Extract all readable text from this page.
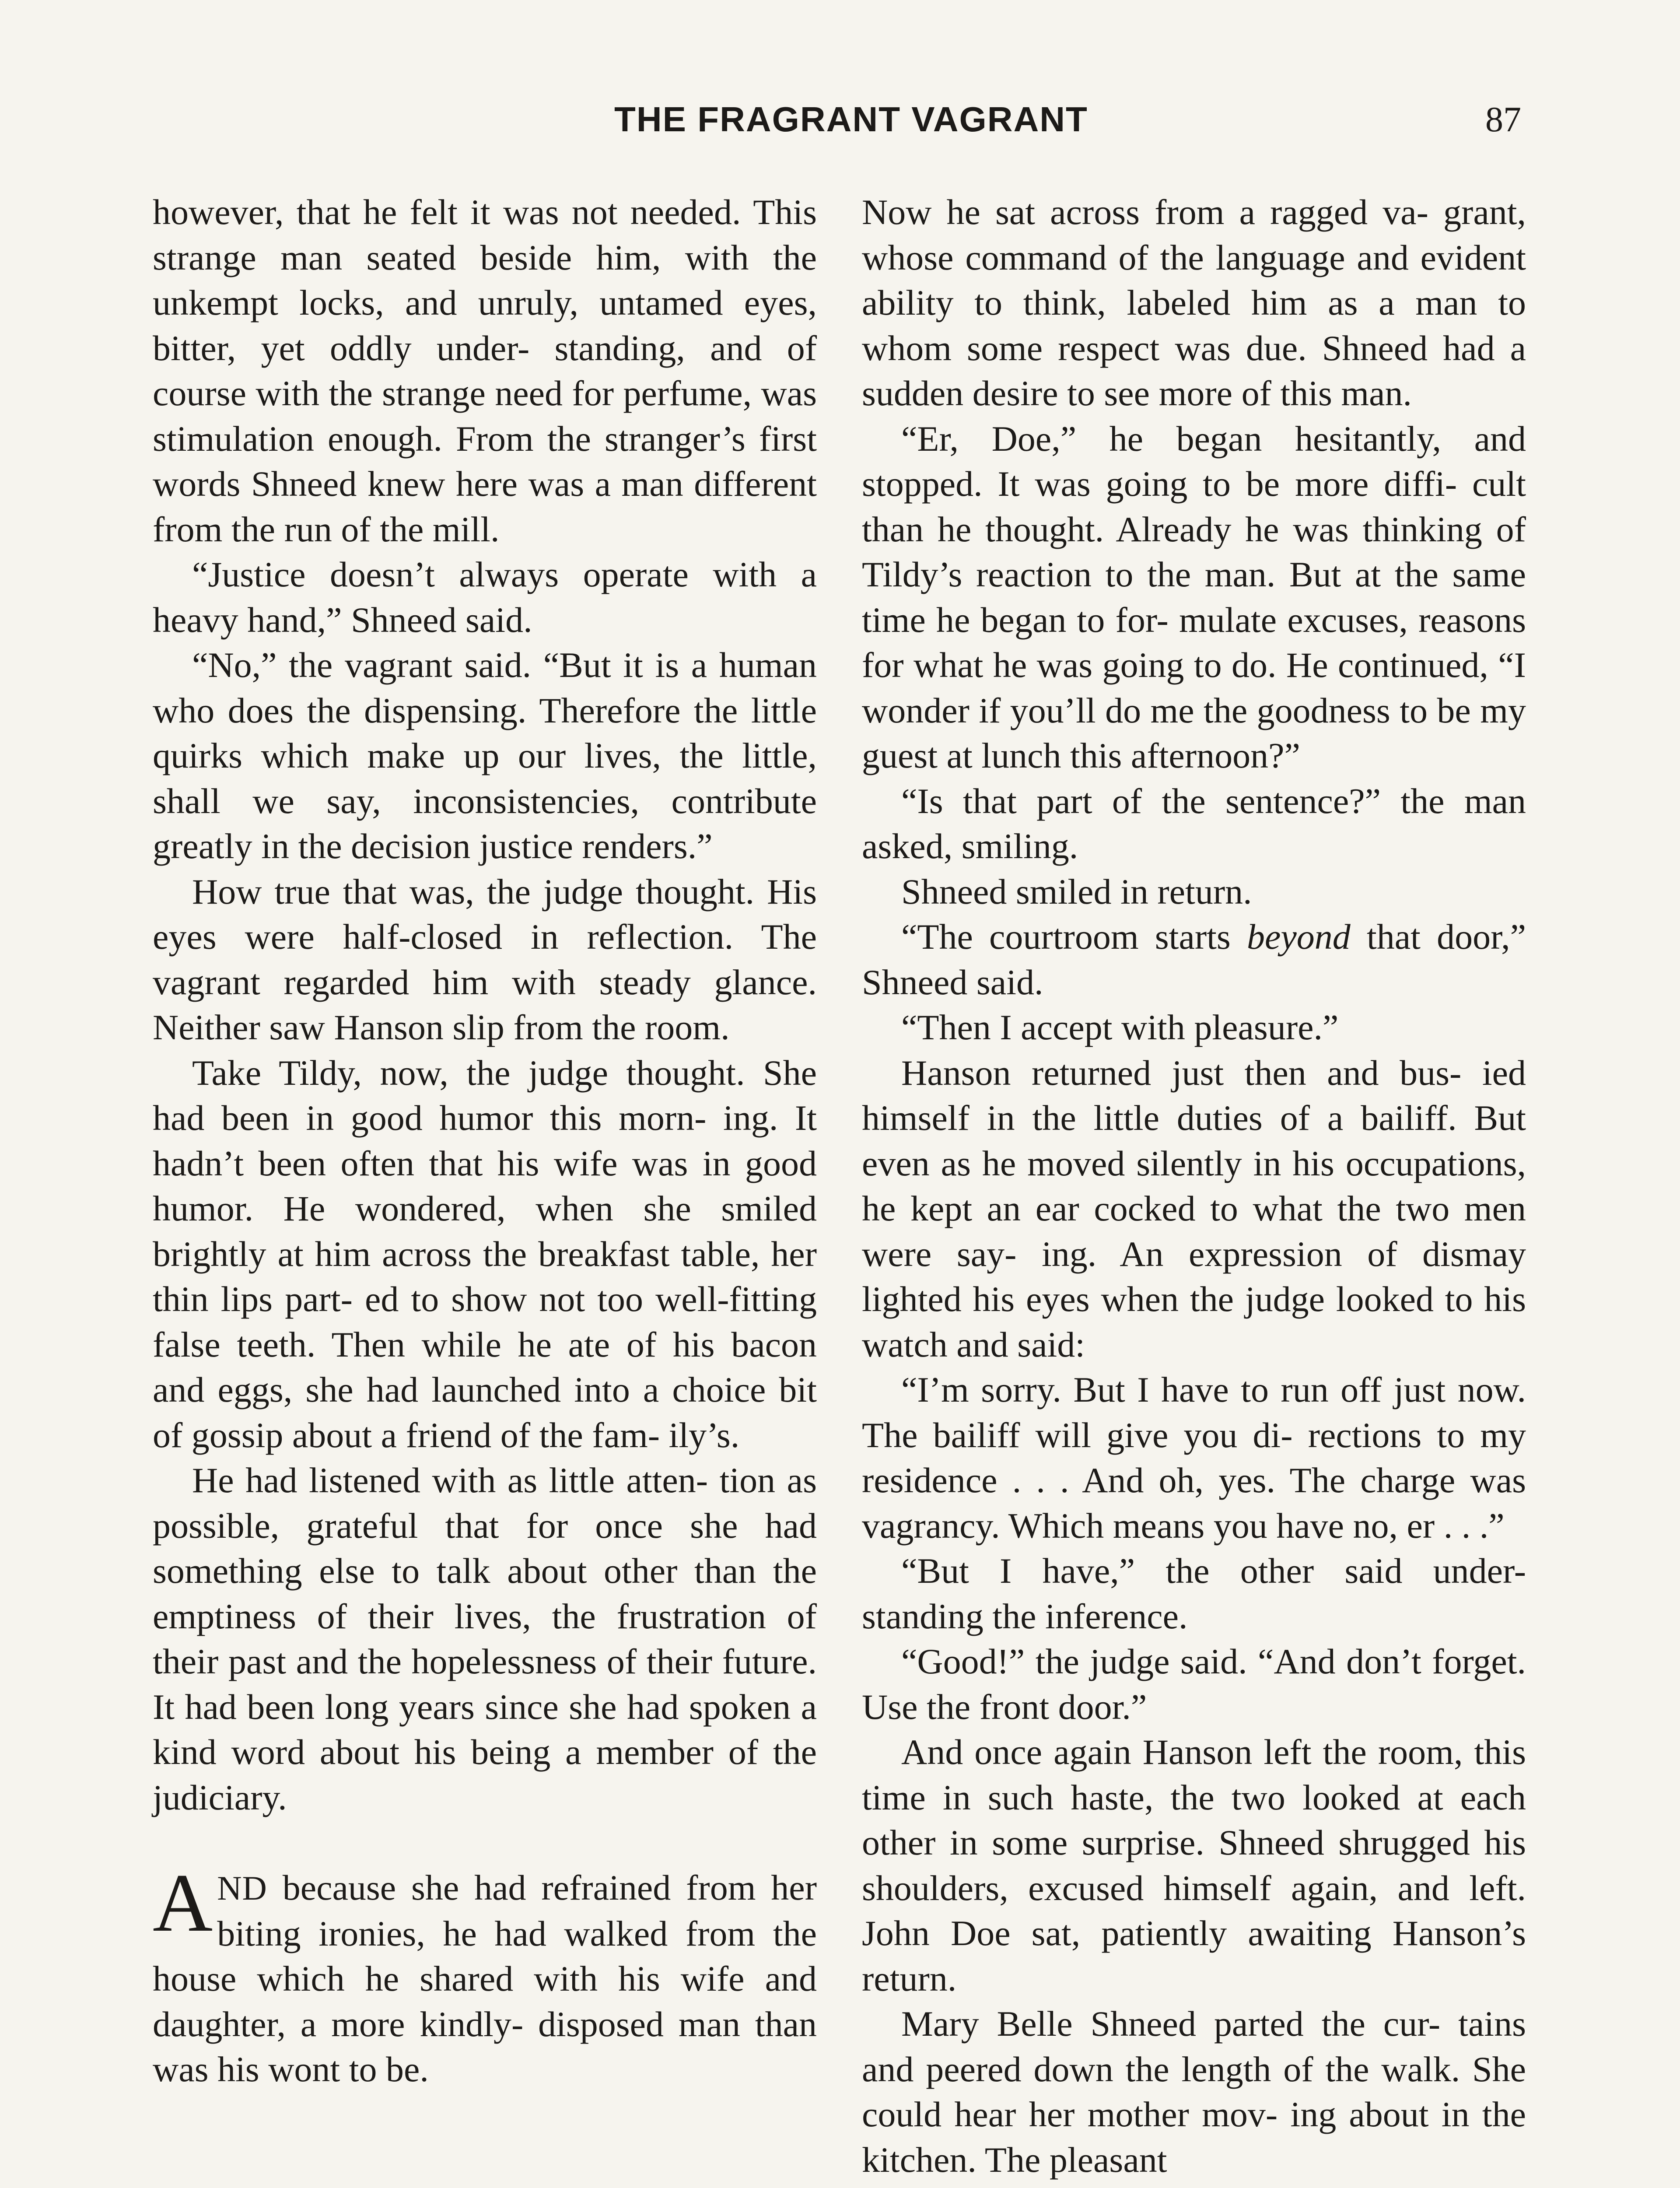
THE FRAGRANT VAGRANT	87

however, that he felt it was not needed. This strange man seated beside him, with the unkempt locks, and unruly, untamed eyes, bitter, yet oddly under- standing, and of course with the strange need for perfume, was stimulation enough. From the stranger’s first words Shneed knew here was a man different from the run of the mill.

“Justice doesn’t always operate with a heavy hand,” Shneed said.

“No,” the vagrant said. “But it is a human who does the dispensing. Therefore the little quirks which make up our lives, the little, shall we say, inconsistencies, contribute greatly in the decision justice renders.”

How true that was, the judge thought. His eyes were half-closed in reflection. The vagrant regarded him with steady glance. Neither saw Hanson slip from the room.

Take Tildy, now, the judge thought. She had been in good humor this morn- ing. It hadn’t been often that his wife was in good humor. He wondered, when she smiled brightly at him across the breakfast table, her thin lips part- ed to show not too well-fitting false teeth. Then while he ate of his bacon and eggs, she had launched into a choice bit of gossip about a friend of the fam- ily’s.

He had listened with as little atten- tion as possible, grateful that for once she had something else to talk about other than the emptiness of their lives, the frustration of their past and the hopelessness of their future. It had been long years since she had spoken a kind word about his being a member of the judiciary.

AND because she had refrained from her biting ironies, he had walked from the house which he shared with his wife and daughter, a more kindly- disposed man than was his wont to be.

Now he sat across from a ragged va- grant, whose command of the language and evident ability to think, labeled him as a man to whom some respect was due. Shneed had a sudden desire to see more of this man.

“Er, Doe,” he began hesitantly, and stopped. It was going to be more diffi- cult than he thought. Already he was thinking of Tildy’s reaction to the man. But at the same time he began to for- mulate excuses, reasons for what he was going to do. He continued, “I wonder if you’ll do me the goodness to be my guest at lunch this afternoon?”

“Is that part of the sentence?” the man asked, smiling.

Shneed smiled in return.

“The courtroom starts beyond that door,” Shneed said.

“Then I accept with pleasure.”

Hanson returned just then and bus- ied himself in the little duties of a bailiff. But even as he moved silently in his occupations, he kept an ear cocked to what the two men were say- ing. An expression of dismay lighted his eyes when the judge looked to his watch and said:

“I’m sorry. But I have to run off just now. The bailiff will give you di- rections to my residence . . . And oh, yes. The charge was vagrancy. Which means you have no, er . . .”

“But I have,” the other said under- standing the inference.

“Good!” the judge said. “And don’t forget. Use the front door.”

And once again Hanson left the room, this time in such haste, the two looked at each other in some surprise. Shneed shrugged his shoulders, excused himself again, and left. John Doe sat, patiently awaiting Hanson’s return.

Mary Belle Shneed parted the cur- tains and peered down the length of the walk. She could hear her mother mov- ing about in the kitchen. The pleasant
